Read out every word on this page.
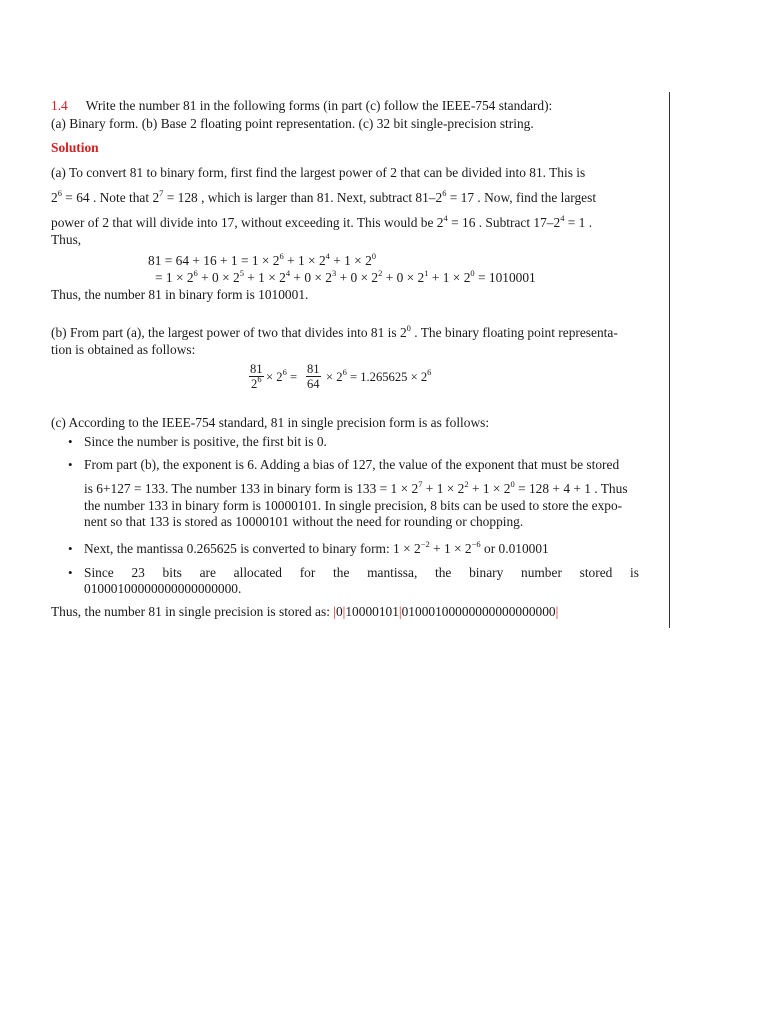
1.4 Write the number 81 in the following forms (in part (c) follow the IEEE-754 standard):
(a) Binary form. (b) Base 2 floating point representation. (c) 32 bit single-precision string.
Solution
(a) To convert 81 to binary form, first find the largest power of 2 that can be divided into 81. This is
$2^6 = 64$ . Note that $2^7 = 128$ , which is larger than 81. Next, subtract $81-2^6 = 17$ . Now, find the largest
power of 2 that will divide into 17, without exceeding it. This would be $2^4 = 16$ . Subtract $17-2^4 = 1$ .
Thus,
$81 = 64 + 16 + 1 = 1 \times 2^6 + 1 \times 2^4 + 1 \times 2^0$
= $1 \times 2^6 + 0 \times 2^5 + 1 \times 2^4 + 0 \times 2^3 + 0 \times 2^2 + 0 \times 2^1 + 1 \times 2^0 = 1010001$
Thus, the number 81 in binary form is 1010001.
(b) From part (a), the largest power of two that divides into 81 is $2^0$ . The binary floating point representa-
tion is obtained as follows:
$\frac{81}{2^6} \times 2^6 = \frac{81}{64} \times 2^6 = 1.265625 \times 2^6$
(c) According to the IEEE-754 standard, 81 in single precision form is as follows:
• Since the number is positive, the first bit is 0.
• From part (b), the exponent is 6. Adding a bias of 127, the value of the exponent that must be stored
is 6+127 = 133. The number 133 in binary form is $133 = 1 \times 2^7 + 1 \times 2^2 + 1 \times 2^0 = 128 + 4 + 1$ . Thus
the number 133 in binary form is 10000101. In single precision, 8 bits can be used to store the expo-
nent so that 133 is stored as 10000101 without the need for rounding or chopping.
• Next, the mantissa 0.265625 is converted to binary form: $1 \times 2^{-2} + 1 \times 2^{-6}$ or 0.010001
• Since 23 bits are allocated for the mantissa, the binary number stored is
01000100000000000000000.
Thus, the number 81 in single precision is stored as: |0|10000101|01000100000000000000000|
